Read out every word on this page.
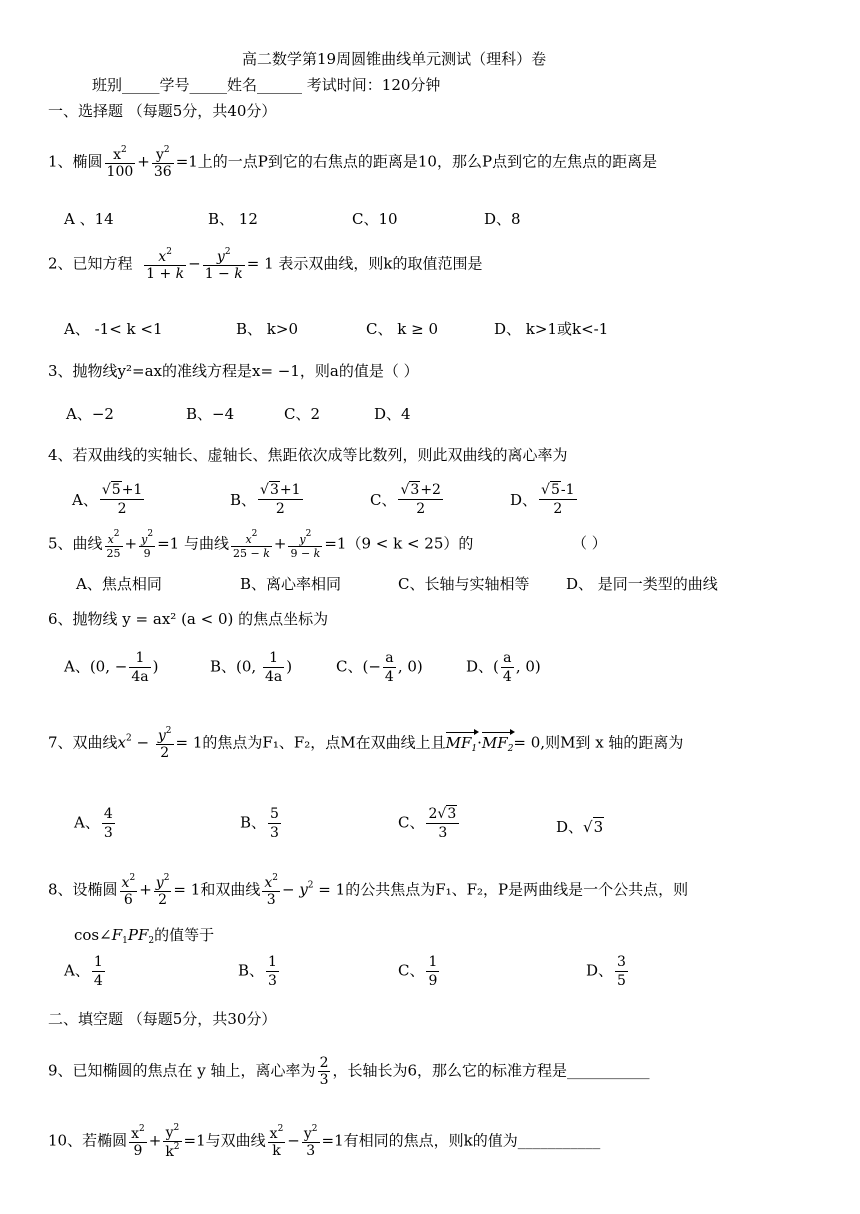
高二数学第19周圆锥曲线单元测试（理科）卷
班别_____学号_____姓名______ 考试时间：120分钟
一、选择题 （每题5分，共40分）
1、椭圆 $\frac{x^2}{100} + \frac{y^2}{36} =1$上的一点P到它的右焦点的距离是10，那么P点到它的左焦点的距离是
A 、14	B、 12	C、10	D、8
2、已知方程 $\frac{x^2}{1 + k} - \frac{y^2}{1 - k} = 1$ 表示双曲线，则k的取值范围是
A、 -1< k <1	B、 k>0	C、 k ≥ 0	D、 k>1或k<-1
3、抛物线y²=ax的准线方程是x= −1，则a的值是（ ）
A、−2	B、−4	C、2	D、4
4、若双曲线的实轴长、虚轴长、焦距依次成等比数列，则此双曲线的离心率为
A、 $\frac{√5+1}{2}$	B、 $\frac{√3+1}{2}$	C、 $\frac{√3+2}{2}$	D、 $\frac{√5-1}{2}$
5、曲线 $\frac{x^2}{25} + \frac{y^2}{9} =1$ 与曲线 $\frac{x^2}{25 - k} + \frac{y^2}{9 - k} =1(9 < k < 25)$的	（ ）
A、焦点相同	B、离心率相同	C、长轴与实轴相等 D、 是同一类型的曲线
6、抛物线 y = ax² (a < 0) 的焦点坐标为
A、(0, − $\frac{1}{4a}$ )	B、(0, $\frac{1}{4a}$ )	C、(− $\frac{a}{4}$ , 0)	D、( $\frac{a}{4}$ , 0)
7、双曲线$x^2 - \frac{y^2}{2} = 1$的焦点为F₁、F₂，点M在双曲线上且$MF_1\cdot MF_2= 0$,则M到 x 轴的距离为
A、 $\frac{4}{3}$	B、 $\frac{5}{3}$	C、 $\frac{2√3}{3}$	D、√3
8、设椭圆 $\frac{x^2}{6} + \frac{y^2}{2} = 1$和双曲线 $\frac{x^2}{3} - y^2 = 1$的公共焦点为F₁、F₂，P是两曲线是一个公共点，则
$\cos\angle F_1PF_2$的值等于
A、 $\frac{1}{4}$	B、 $\frac{1}{3}$	C、 $\frac{1}{9}$	D、 $\frac{3}{5}$
二、填空题 （每题5分，共30分）
9、已知椭圆的焦点在 y 轴上，离心率为 $\frac{2}{3}$ ，长轴长为6，那么它的标准方程是___________
10、若椭圆 $\frac{x^2}{9} + \frac{y^2}{k^2} =1$与双曲线 $\frac{x^2}{k} - \frac{y^2}{3} =1$有相同的焦点，则k的值为___________
